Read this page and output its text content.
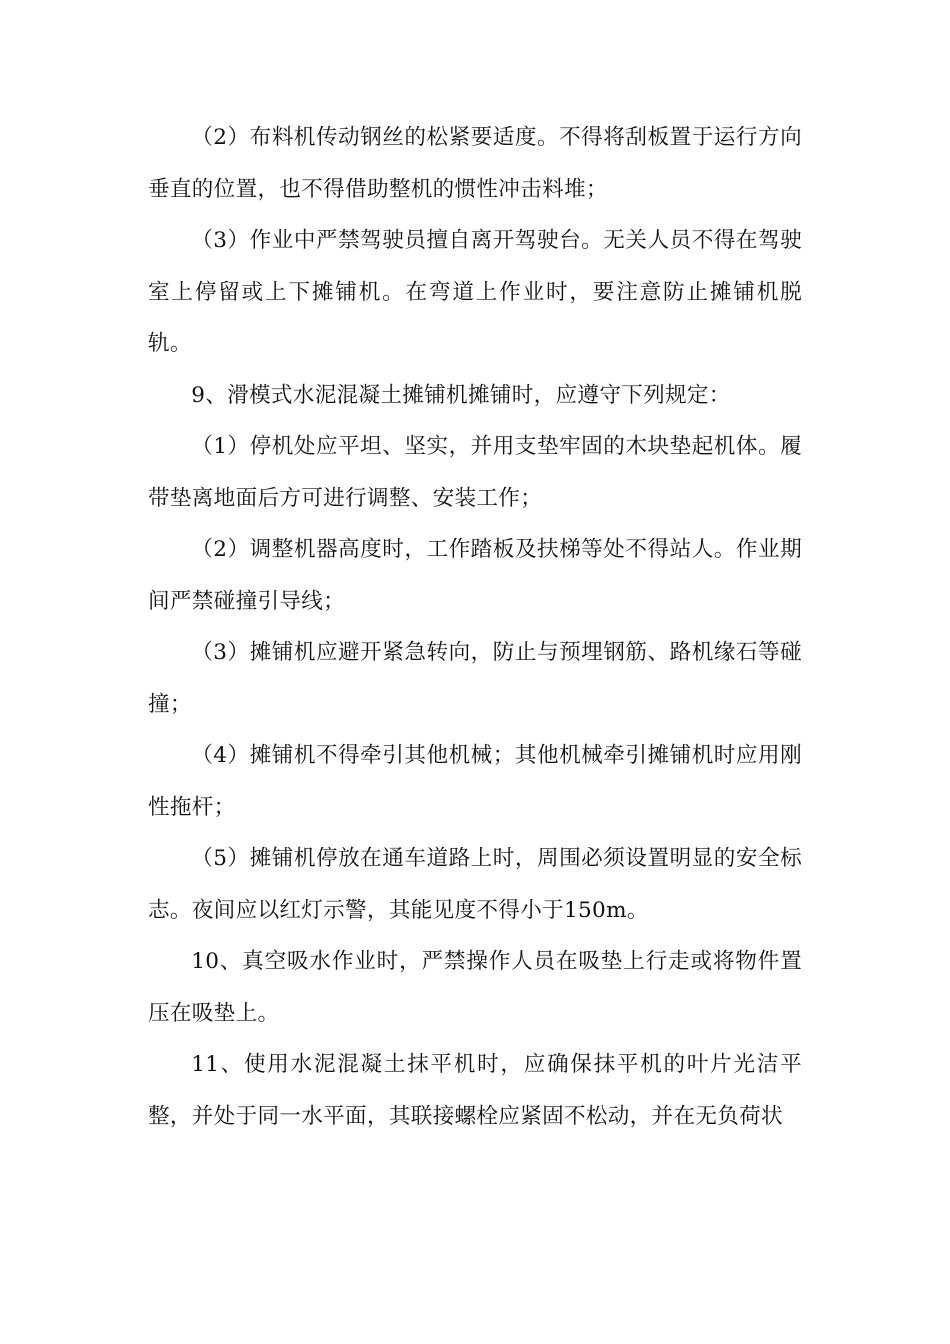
（2）布料机传动钢丝的松紧要适度。不得将刮板置于运行方向垂直的位置，也不得借助整机的惯性冲击料堆；

（3）作业中严禁驾驶员擅自离开驾驶台。无关人员不得在驾驶室上停留或上下摊铺机。在弯道上作业时，要注意防止摊铺机脱轨。

9、滑模式水泥混凝土摊铺机摊铺时，应遵守下列规定：

（1）停机处应平坦、坚实，并用支垫牢固的木块垫起机体。履带垫离地面后方可进行调整、安装工作；

（2）调整机器高度时，工作踏板及扶梯等处不得站人。作业期间严禁碰撞引导线；

（3）摊铺机应避开紧急转向，防止与预埋钢筋、路机缘石等碰撞；

（4）摊铺机不得牵引其他机械；其他机械牵引摊铺机时应用刚性拖杆；

（5）摊铺机停放在通车道路上时，周围必须设置明显的安全标志。夜间应以红灯示警，其能见度不得小于150m。

10、真空吸水作业时，严禁操作人员在吸垫上行走或将物件置压在吸垫上。

11、使用水泥混凝土抹平机时，应确保抹平机的叶片光洁平整，并处于同一水平面，其联接螺栓应紧固不松动，并在无负荷状
